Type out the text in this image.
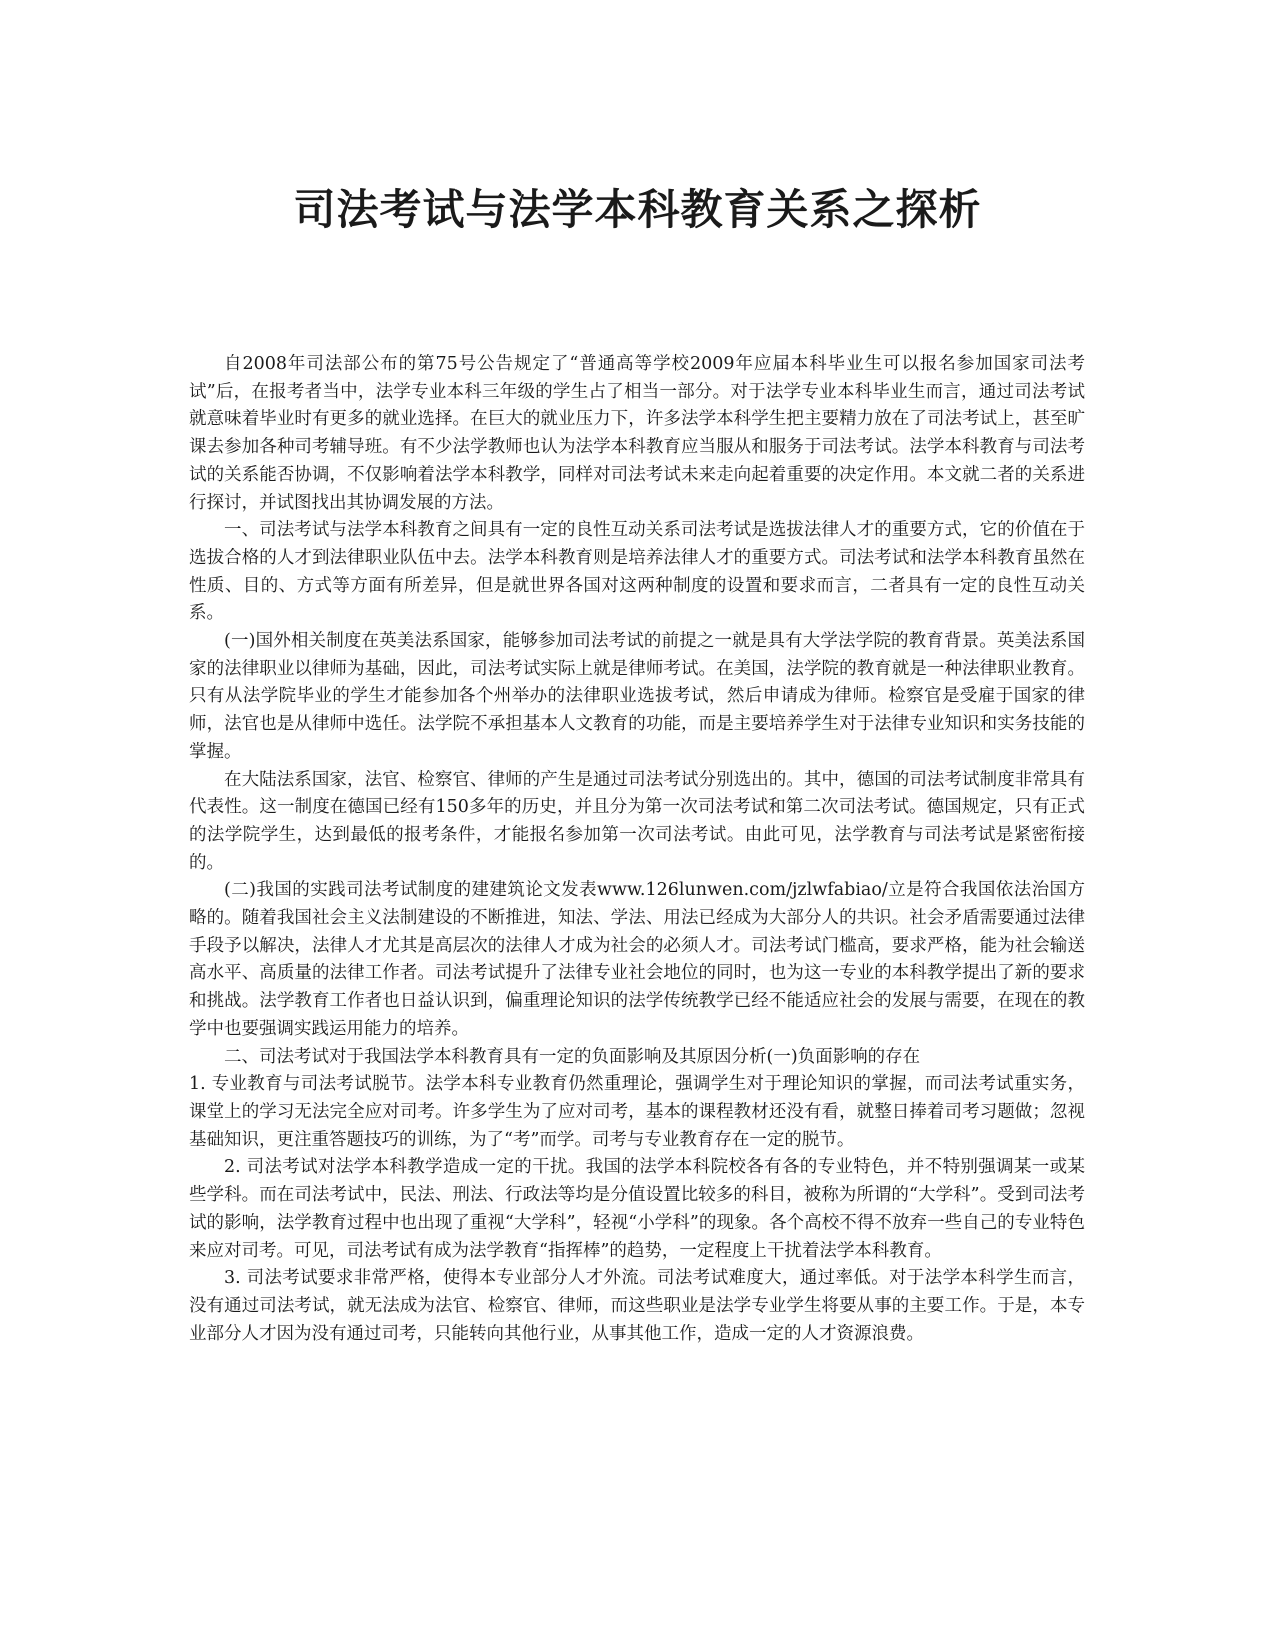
司法考试与法学本科教育关系之探析

自2008年司法部公布的第75号公告规定了“普通高等学校2009年应届本科毕业生可以报名参加国家司法考试”后，在报考者当中，法学专业本科三年级的学生占了相当一部分。对于法学专业本科毕业生而言，通过司法考试就意味着毕业时有更多的就业选择。在巨大的就业压力下，许多法学本科学生把主要精力放在了司法考试上，甚至旷课去参加各种司考辅导班。有不少法学教师也认为法学本科教育应当服从和服务于司法考试。法学本科教育与司法考试的关系能否协调，不仅影响着法学本科教学，同样对司法考试未来走向起着重要的决定作用。本文就二者的关系进行探讨，并试图找出其协调发展的方法。

一、司法考试与法学本科教育之间具有一定的良性互动关系司法考试是选拔法律人才的重要方式，它的价值在于选拔合格的人才到法律职业队伍中去。法学本科教育则是培养法律人才的重要方式。司法考试和法学本科教育虽然在性质、目的、方式等方面有所差异，但是就世界各国对这两种制度的设置和要求而言，二者具有一定的良性互动关系。

(一)国外相关制度在英美法系国家，能够参加司法考试的前提之一就是具有大学法学院的教育背景。英美法系国家的法律职业以律师为基础，因此，司法考试实际上就是律师考试。在美国，法学院的教育就是一种法律职业教育。只有从法学院毕业的学生才能参加各个州举办的法律职业选拔考试，然后申请成为律师。检察官是受雇于国家的律师，法官也是从律师中选任。法学院不承担基本人文教育的功能，而是主要培养学生对于法律专业知识和实务技能的掌握。

在大陆法系国家，法官、检察官、律师的产生是通过司法考试分别选出的。其中，德国的司法考试制度非常具有代表性。这一制度在德国已经有150多年的历史，并且分为第一次司法考试和第二次司法考试。德国规定，只有正式的法学院学生，达到最低的报考条件，才能报名参加第一次司法考试。由此可见，法学教育与司法考试是紧密衔接的。

(二)我国的实践司法考试制度的建建筑论文发表www.126lunwen.com/jzlwfabiao/立是符合我国依法治国方略的。随着我国社会主义法制建设的不断推进，知法、学法、用法已经成为大部分人的共识。社会矛盾需要通过法律手段予以解决，法律人才尤其是高层次的法律人才成为社会的必须人才。司法考试门槛高，要求严格，能为社会输送高水平、高质量的法律工作者。司法考试提升了法律专业社会地位的同时，也为这一专业的本科教学提出了新的要求和挑战。法学教育工作者也日益认识到，偏重理论知识的法学传统教学已经不能适应社会的发展与需要，在现在的教学中也要强调实践运用能力的培养。

二、司法考试对于我国法学本科教育具有一定的负面影响及其原因分析(一)负面影响的存在

1. 专业教育与司法考试脱节。法学本科专业教育仍然重理论，强调学生对于理论知识的掌握，而司法考试重实务，课堂上的学习无法完全应对司考。许多学生为了应对司考，基本的课程教材还没有看，就整日捧着司考习题做；忽视基础知识，更注重答题技巧的训练，为了“考”而学。司考与专业教育存在一定的脱节。

2. 司法考试对法学本科教学造成一定的干扰。我国的法学本科院校各有各的专业特色，并不特别强调某一或某些学科。而在司法考试中，民法、刑法、行政法等均是分值设置比较多的科目，被称为所谓的“大学科”。受到司法考试的影响，法学教育过程中也出现了重视“大学科”，轻视“小学科”的现象。各个高校不得不放弃一些自己的专业特色来应对司考。可见，司法考试有成为法学教育“指挥棒”的趋势，一定程度上干扰着法学本科教育。

3. 司法考试要求非常严格，使得本专业部分人才外流。司法考试难度大，通过率低。对于法学本科学生而言，没有通过司法考试，就无法成为法官、检察官、律师，而这些职业是法学专业学生将要从事的主要工作。于是，本专业部分人才因为没有通过司考，只能转向其他行业，从事其他工作，造成一定的人才资源浪费。
